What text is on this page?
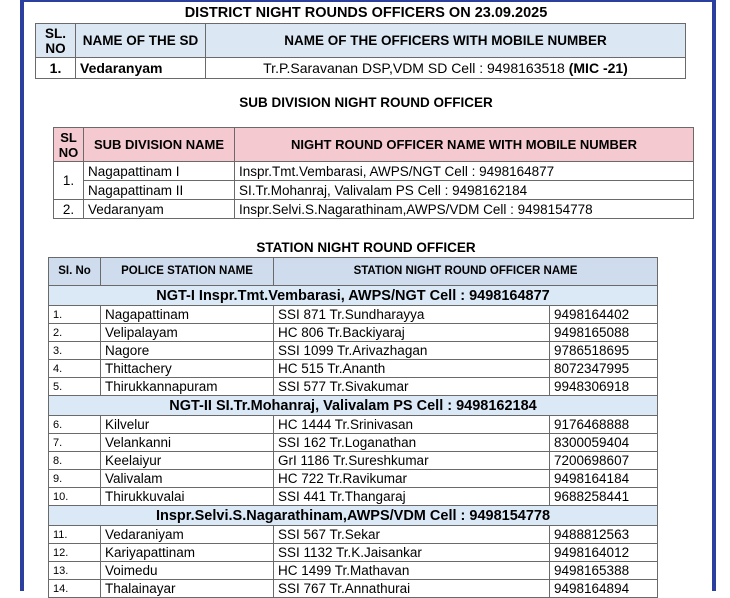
DISTRICT NIGHT ROUNDS OFFICERS ON 23.09.2025
SL. NO	NAME OF THE SD	NAME OF THE OFFICERS WITH MOBILE NUMBER
1.	Vedaranyam	Tr.P.Saravanan DSP,VDM SD Cell : 9498163518 (MIC -21)
SUB DIVISION NIGHT ROUND OFFICER
SL NO	SUB DIVISION NAME	NIGHT ROUND OFFICER NAME WITH MOBILE NUMBER
1.	Nagapattinam I	Inspr.Tmt.Vembarasi, AWPS/NGT Cell : 9498164877
	Nagapattinam II	SI.Tr.Mohanraj, Valivalam PS Cell : 9498162184
2.	Vedaranyam	Inspr.Selvi.S.Nagarathinam,AWPS/VDM Cell : 9498154778
STATION NIGHT ROUND OFFICER
SI. No	POLICE STATION NAME	STATION NIGHT ROUND OFFICER NAME	
NGT-I Inspr.Tmt.Vembarasi, AWPS/NGT Cell : 9498164877			
1.	Nagapattinam	SSI 871 Tr.Sundharayya	9498164402
2.	Velipalayam	HC 806 Tr.Backiyaraj	9498165088
3.	Nagore	SSI 1099 Tr.Arivazhagan	9786518695
4.	Thittachery	HC 515 Tr.Ananth	8072347995
5.	Thirukkannapuram	SSI 577 Tr.Sivakumar	9948306918
NGT-II SI.Tr.Mohanraj, Valivalam PS Cell : 9498162184			
6.	Kilvelur	HC 1444 Tr.Srinivasan	9176468888
7.	Velankanni	SSI 162 Tr.Loganathan	8300059404
8.	Keelaiyur	GrI 1186 Tr.Sureshkumar	7200698607
9.	Valivalam	HC 722 Tr.Ravikumar	9498164184
10.	Thirukkuvalai	SSI 441 Tr.Thangaraj	9688258441
Inspr.Selvi.S.Nagarathinam,AWPS/VDM Cell : 9498154778			
11.	Vedaraniyam	SSI 567 Tr.Sekar	9488812563
12.	Kariyapattinam	SSI 1132 Tr.K.Jaisankar	9498164012
13.	Voimedu	HC 1499 Tr.Mathavan	9498165388
14.	Thalainayar	SSI 767 Tr.Annathurai	9498164894
